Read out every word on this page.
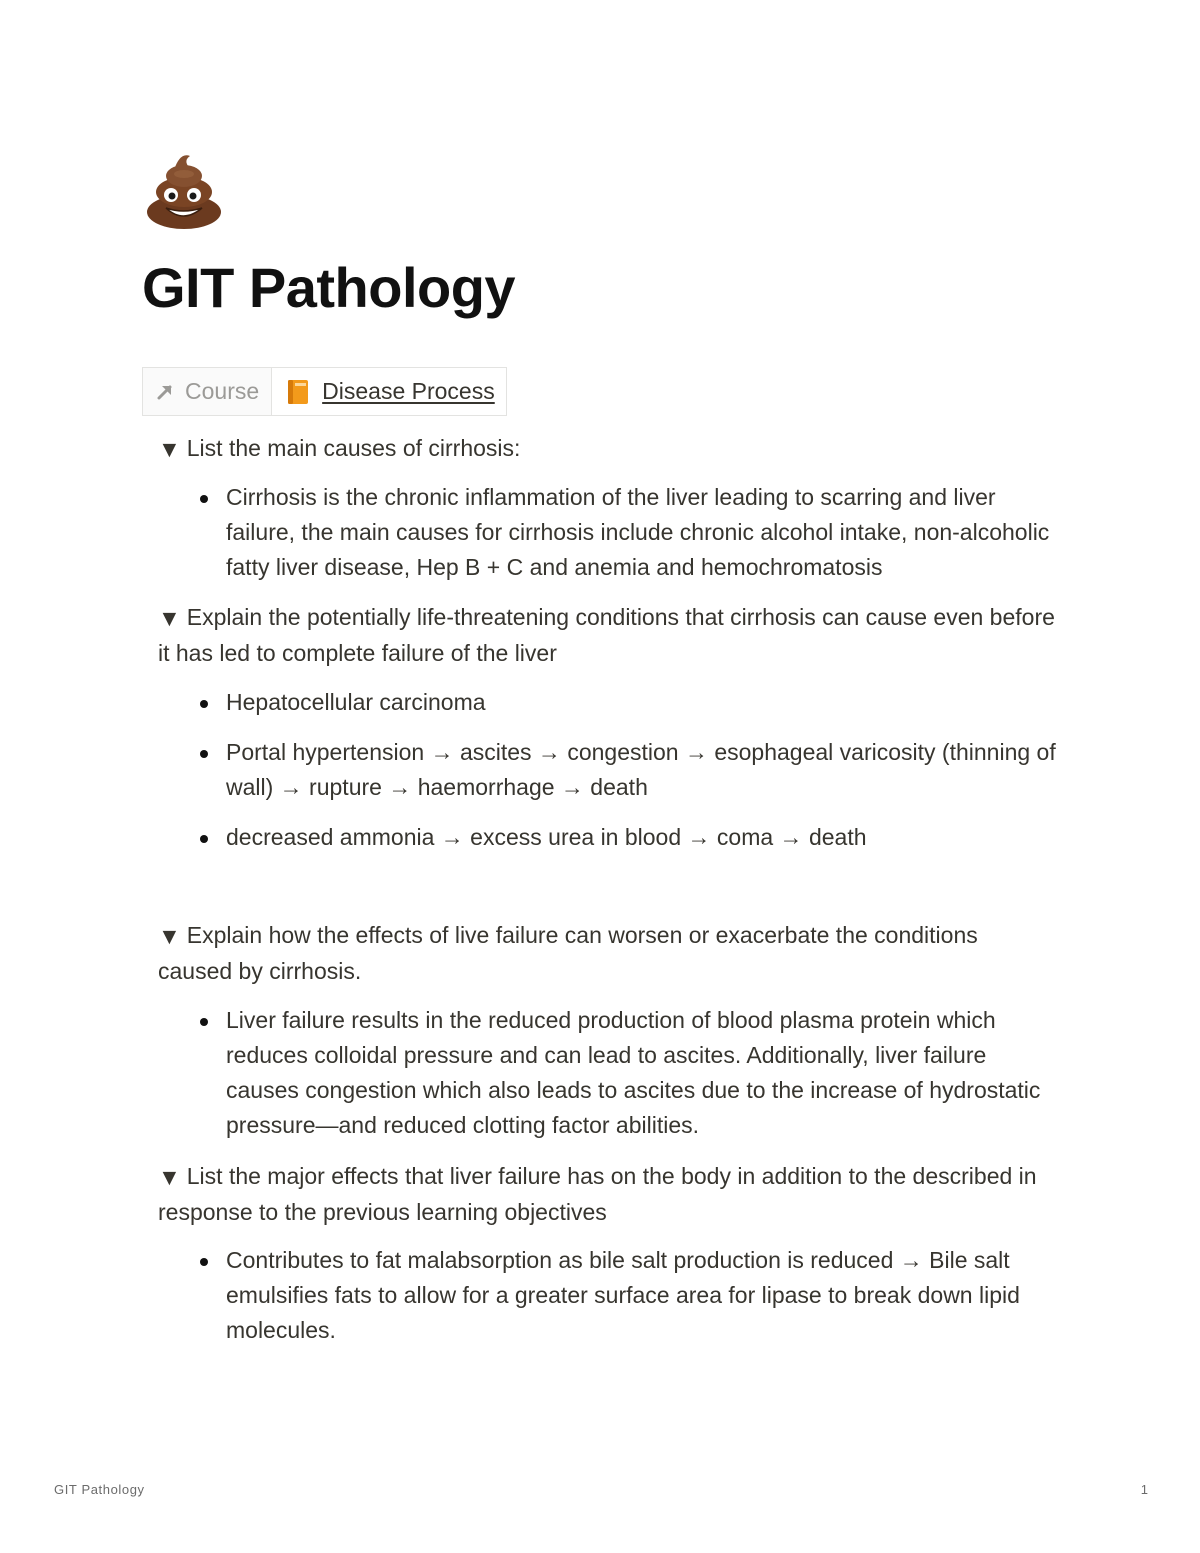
GIT Pathology
Course	Disease Process
▼ List the main causes of cirrhosis:
Cirrhosis is the chronic inflammation of the liver leading to scarring and liver failure, the main causes for cirrhosis include chronic alcohol intake, non-alcoholic fatty liver disease, Hep B + C and anemia and hemochromatosis
▼ Explain the potentially life-threatening conditions that cirrhosis can cause even before it has led to complete failure of the liver
Hepatocellular carcinoma
Portal hypertension → ascites → congestion → esophageal varicosity (thinning of wall) → rupture → haemorrhage → death
decreased ammonia → excess urea in blood → coma → death
▼ Explain how the effects of live failure can worsen or exacerbate the conditions caused by cirrhosis.
Liver failure results in the reduced production of blood plasma protein which reduces colloidal pressure and can lead to ascites. Additionally, liver failure causes congestion which also leads to ascites due to the increase of hydrostatic pressure—and reduced clotting factor abilities.
▼ List the major effects that liver failure has on the body in addition to the described in response to the previous learning objectives
Contributes to fat malabsorption as bile salt production is reduced → Bile salt emulsifies fats to allow for a greater surface area for lipase to break down lipid molecules.
GIT Pathology	1
